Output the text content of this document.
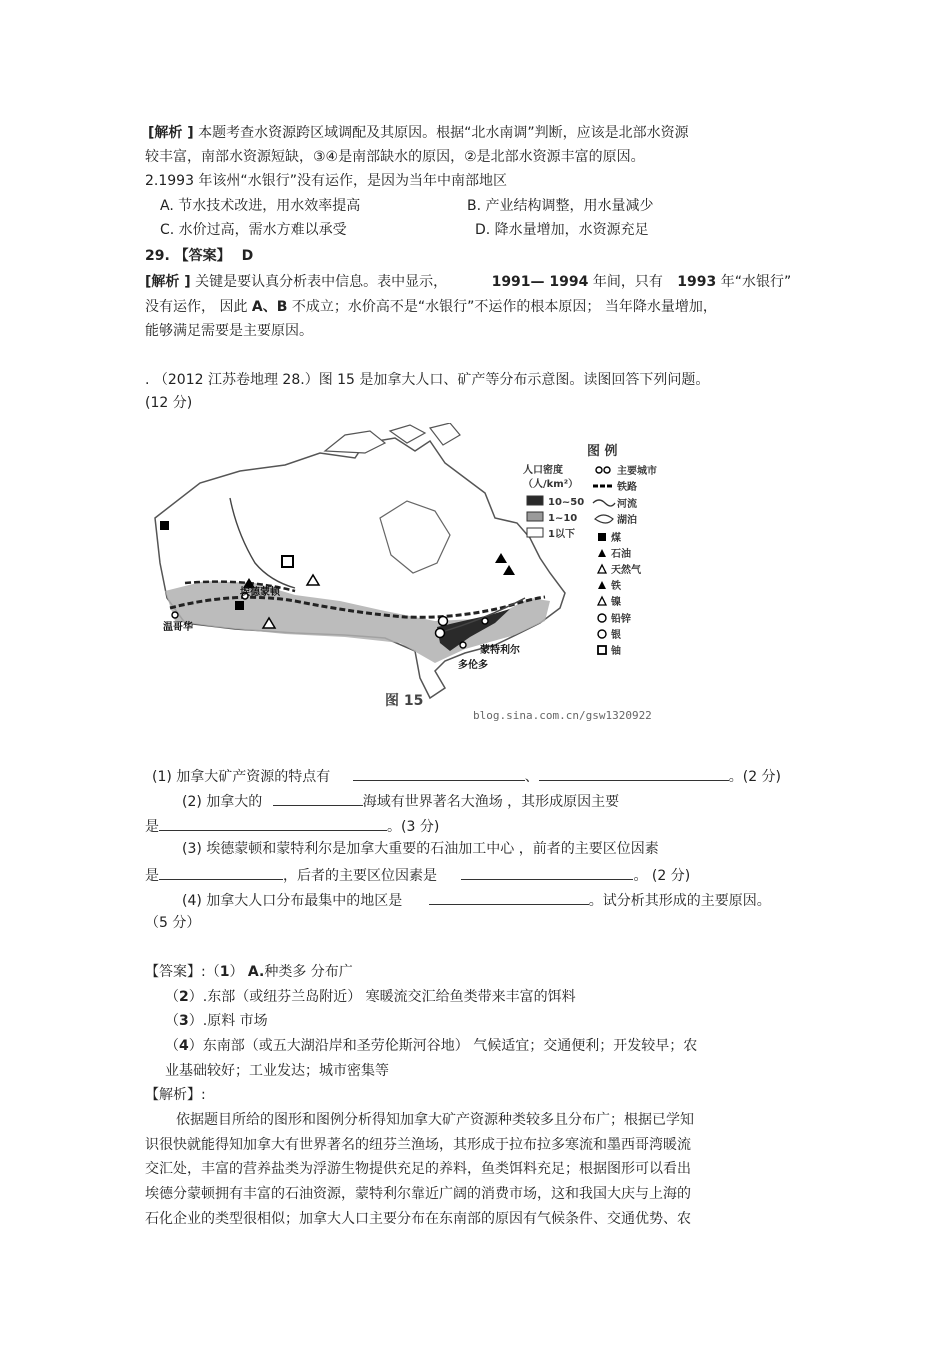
[解析 ] 本题考查水资源跨区域调配及其原因。根据“北水南调”判断，应该是北部水资源
较丰富，南部水资源短缺，③④是南部缺水的原因，②是北部水资源丰富的原因。
2.1993 年该州“水银行”没有运作，是因为当年中南部地区
A. 节水技术改进，用水效率提高	B. 产业结构调整，用水量减少
C. 水价过高，需水方难以承受	D. 降水量增加，水资源充足
29. 【答案】 D
[解析 ] 关键是要认真分析表中信息。表中显示，	1991— 1994 年间，只有 1993 年“水银行”
没有运作， 因此 A、B 不成立；水价高不是“水银行”不运作的根本原因； 当年降水量增加，
能够满足需要是主要原因。
. （2012 江苏卷地理 28.）图 15 是加拿大人口、矿产等分布示意图。读图回答下列问题。
(12 分)
埃德蒙顿
温哥华
蒙特利尔
多伦多
图 例
人口密度
（人/km²）
10~50
1~10
1以下
主要城市
铁路
河流
湖泊
煤
石油
天然气
铁
镍
铅锌
银
铀
图 15
blog.sina.com.cn/gsw1320922
(1) 加拿大矿产资源的特点有	、	。(2 分)
(2) 加拿大的	海域有世界著名大渔场 ，其形成原因主要
是	。(3 分)
(3) 埃德蒙顿和蒙特利尔是加拿大重要的石油加工中心 ，前者的主要区位因素
是	，后者的主要区位因素是	。 (2 分)
(4) 加拿大人口分布最集中的地区是	。试分析其形成的主要原因。
（5 分）
【答案】:（1） A.种类多 分布广
（2）.东部（或纽芬兰岛附近） 寒暖流交汇给鱼类带来丰富的饵料
（3）.原料 市场
（4）东南部（或五大湖沿岸和圣劳伦斯河谷地） 气候适宜；交通便利；开发较早；农
业基础较好；工业发达；城市密集等
【解析】:
依据题目所给的图形和图例分析得知加拿大矿产资源种类较多且分布广；根据已学知
识很快就能得知加拿大有世界著名的纽芬兰渔场，其形成于拉布拉多寒流和墨西哥湾暖流
交汇处，丰富的营养盐类为浮游生物提供充足的养料，鱼类饵料充足；根据图形可以看出
埃德分蒙顿拥有丰富的石油资源，蒙特利尔靠近广阔的消费市场，这和我国大庆与上海的
石化企业的类型很相似；加拿大人口主要分布在东南部的原因有气候条件、交通优势、农
